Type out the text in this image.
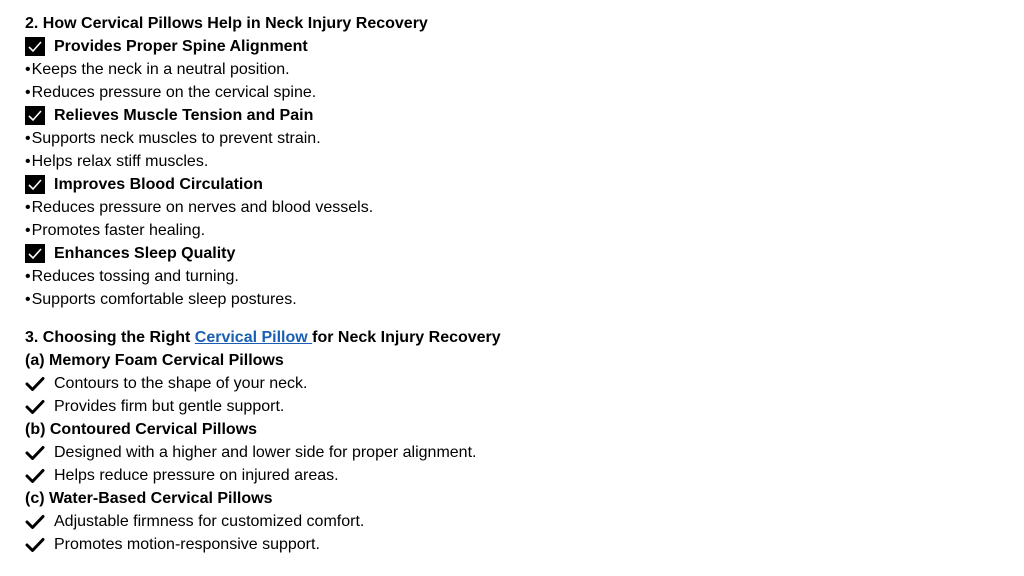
2. How Cervical Pillows Help in Neck Injury Recovery
Provides Proper Spine Alignment
• Keeps the neck in a neutral position.
• Reduces pressure on the cervical spine.
Relieves Muscle Tension and Pain
• Supports neck muscles to prevent strain.
• Helps relax stiff muscles.
Improves Blood Circulation
• Reduces pressure on nerves and blood vessels.
• Promotes faster healing.
Enhances Sleep Quality
• Reduces tossing and turning.
• Supports comfortable sleep postures.
3. Choosing the Right Cervical Pillow for Neck Injury Recovery
(a) Memory Foam Cervical Pillows
Contours to the shape of your neck.
Provides firm but gentle support.
(b) Contoured Cervical Pillows
Designed with a higher and lower side for proper alignment.
Helps reduce pressure on injured areas.
(c) Water-Based Cervical Pillows
Adjustable firmness for customized comfort.
Promotes motion-responsive support.
